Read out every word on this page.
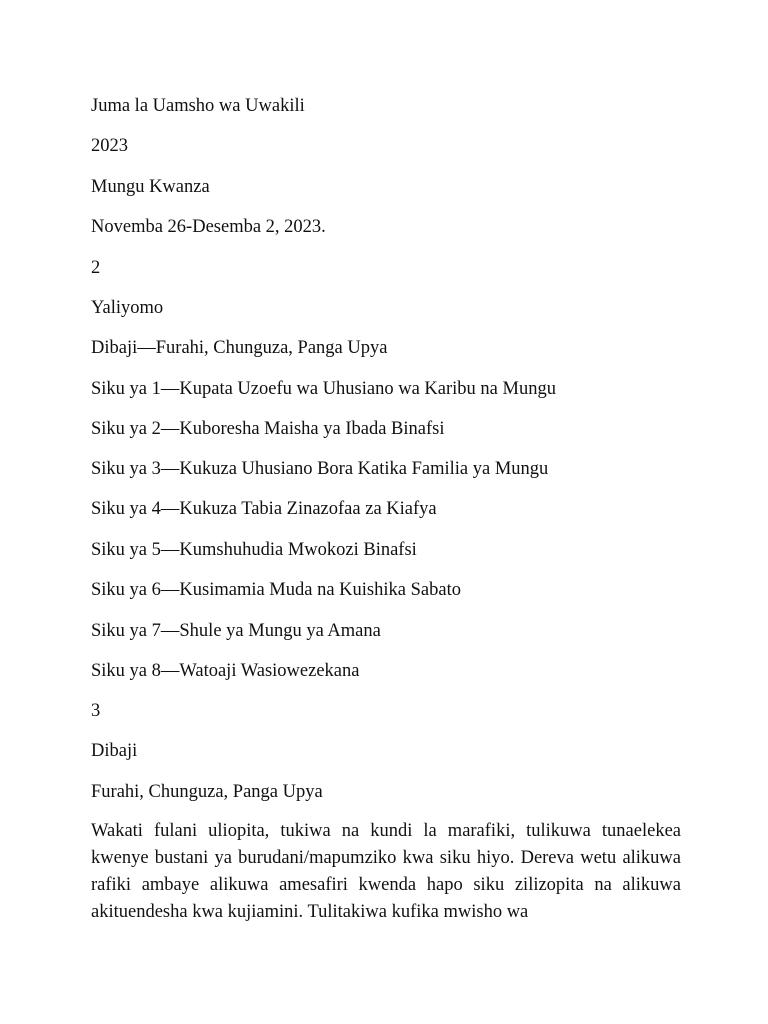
Juma la Uamsho wa Uwakili
2023
Mungu Kwanza
Novemba 26-Desemba 2, 2023.
2
Yaliyomo
Dibaji—Furahi, Chunguza, Panga Upya
Siku ya 1—Kupata Uzoefu wa Uhusiano wa Karibu na Mungu
Siku ya 2—Kuboresha Maisha ya Ibada Binafsi
Siku ya 3—Kukuza Uhusiano Bora Katika Familia ya Mungu
Siku ya 4—Kukuza Tabia Zinazofaa za Kiafya
Siku ya 5—Kumshuhudia Mwokozi Binafsi
Siku ya 6—Kusimamia Muda na Kuishika Sabato
Siku ya 7—Shule ya Mungu ya Amana
Siku ya 8—Watoaji Wasiowezekana
3
Dibaji
Furahi, Chunguza, Panga Upya
Wakati fulani uliopita, tukiwa na kundi la marafiki, tulikuwa tunaelekea kwenye bustani ya burudani/mapumziko kwa siku hiyo. Dereva wetu alikuwa rafiki ambaye alikuwa amesafiri kwenda hapo siku zilizopita na alikuwa akituendesha kwa kujiamini. Tulitakiwa kufika mwisho wa
